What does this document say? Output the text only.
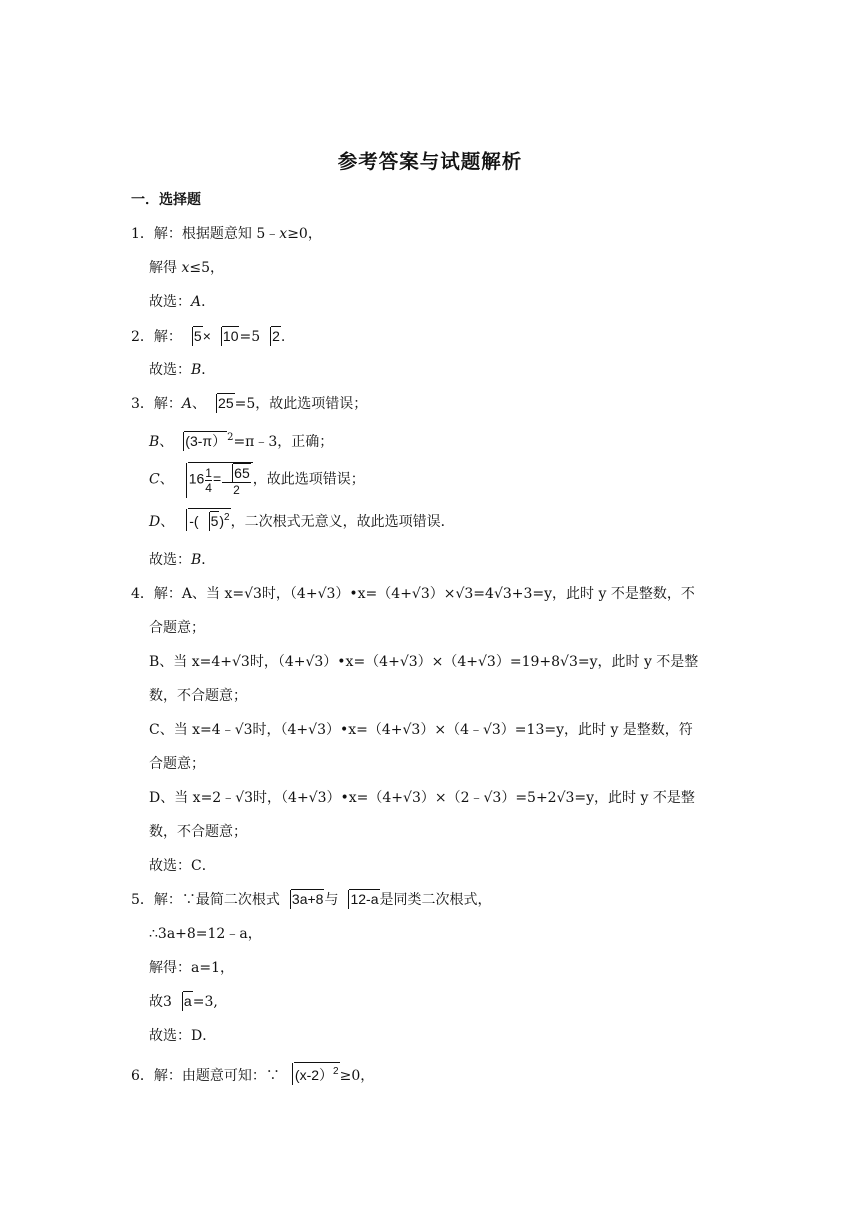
参考答案与试题解析
一．选择题
1．解：根据题意知 5﹣x≥0，
解得 x≤5，
故选：A．
2．解： 5× 10=5 2.
故选：B．
3．解：A、 25=5，故此选项错误；
B、 (3-π）$^2$=π﹣3，正确；
C、 $16 \frac{1}{4} = \frac{65}{2}$ ，故此选项错误；
D、 -( 5)$^2$，二次根式无意义，故此选项错误．
故选：B．
4．解：A、当 x=√3时，（4+√3）•x=（4+√3）×√3=4√3+3=y，此时 y 不是整数，不
合题意；
B、当 x=4+√3时，（4+√3）•x=（4+√3）×（4+√3）=19+8√3=y，此时 y 不是整
数，不合题意；
C、当 x=4﹣√3时，（4+√3）•x=（4+√3）×（4﹣√3）=13=y，此时 y 是整数，符
合题意；
D、当 x=2﹣√3时，（4+√3）•x=（4+√3）×（2﹣√3）=5+2√3=y，此时 y 不是整
数，不合题意；
故选：C．
5．解：∵最简二次根式 3a+8与 12-a是同类二次根式，
∴3a+8=12﹣a，
解得：a=1，
故3 a=3,
故选：D．
6．解：由题意可知：∵ (x-2）$^2$≥0，
